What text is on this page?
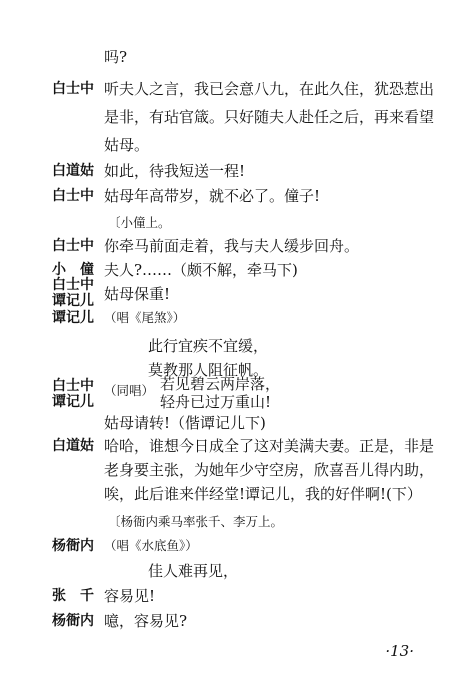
吗?
白士中 听夫人之言，我已会意八九，在此久住，犹恐惹出
是非，有玷官箴。只好随夫人赴任之后，再来看望
姑母。
白道姑 如此，待我短送一程!
白士中 姑母年高带岁，就不必了。僮子!
〔小僮上。
白士中 你牵马前面走着，我与夫人缓步回舟。
小　僮 夫人?……（颇不解，牵马下)
白士中
谭记儿 姑母保重!
谭记儿 （唱《尾煞》）
此行宜疾不宜缓，
莫教那人阻征帆。
白士中
谭记儿
（同唱） 若见碧云两岸落，
轻舟已过万重山!
姑母请转!（偕谭记儿下)
白道姑 哈哈，谁想今日成全了这对美满夫妻。正是，非是
老身要主张，为她年少守空房，欣喜吾儿得内助，
唉，此后谁来伴经堂!谭记儿，我的好伴啊!(下）
〔杨衙内乘马率张千、李万上。
杨衙内 （唱《水底鱼》）
佳人难再见，
张　千 容易见!
杨衙内 噫，容易见?
·13·
